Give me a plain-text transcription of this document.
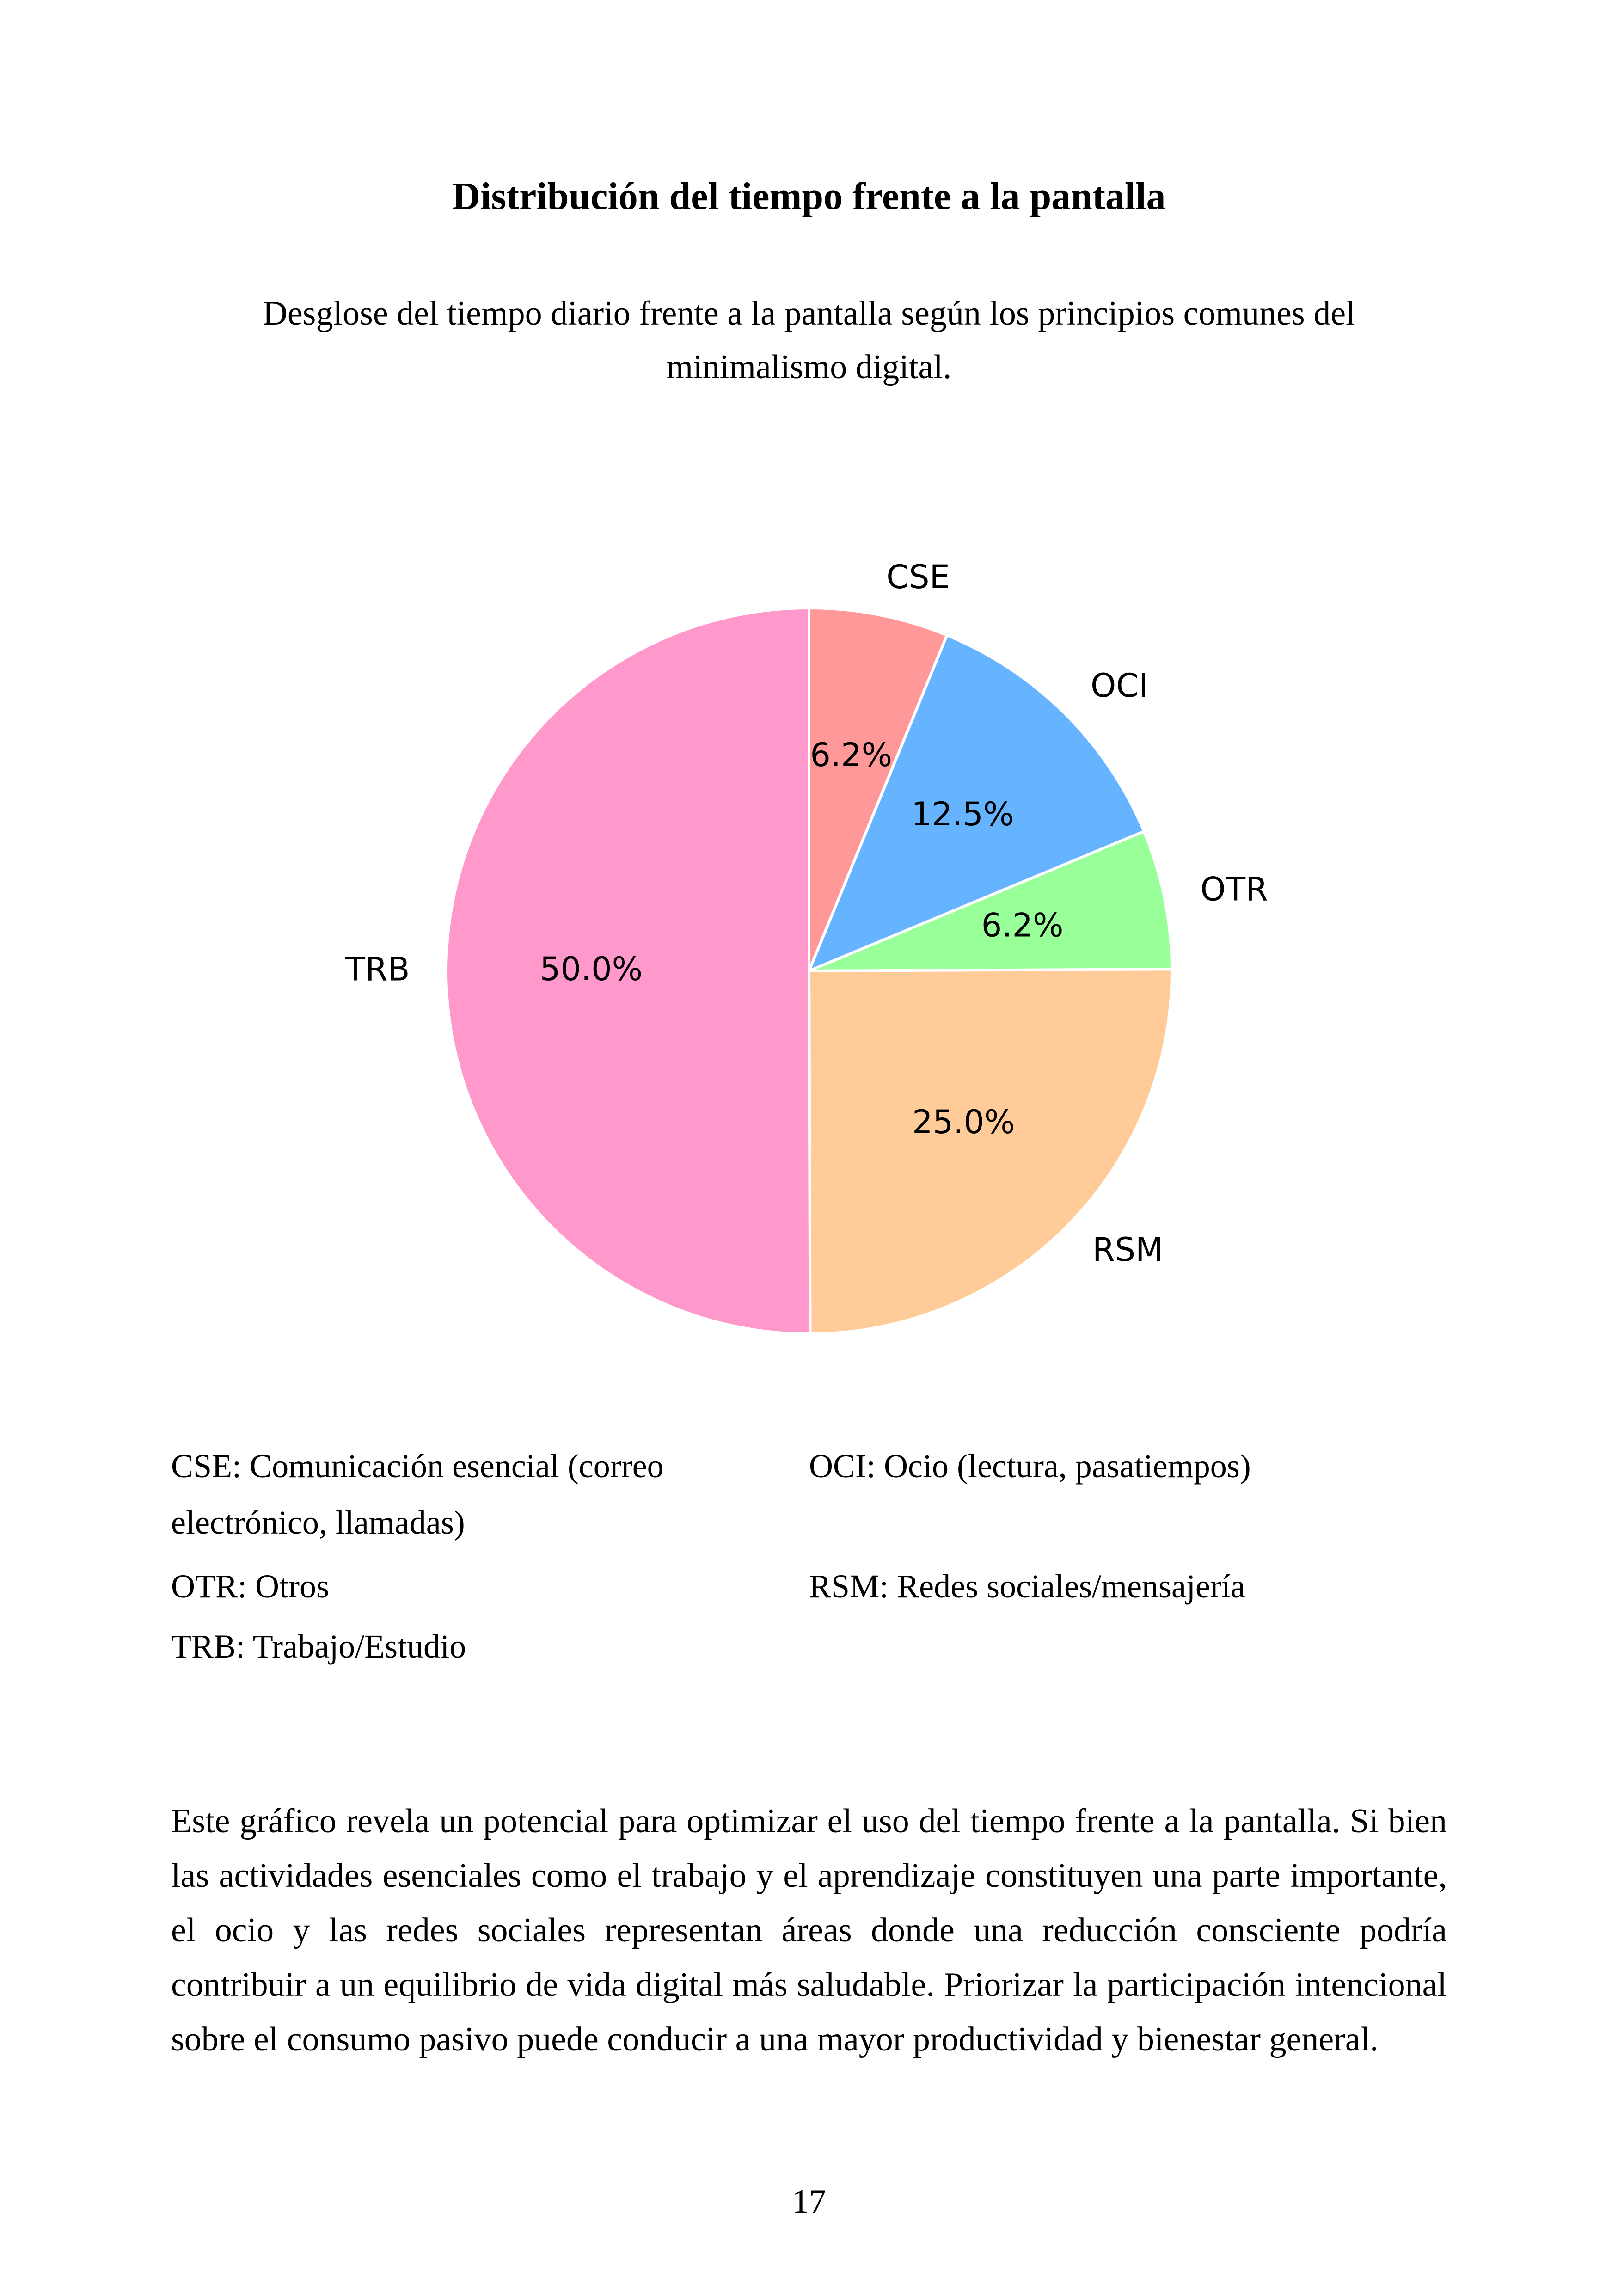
Distribución del tiempo frente a la pantalla
Desglose del tiempo diario frente a la pantalla según los principios comunes del minimalismo digital.
6.2%
CSE
12.5%
OCI
6.2%
OTR
25.0%
RSM
50.0%
TRB
CSE: Comunicación esencial (correo electrónico, llamadas)
OCI: Ocio (lectura, pasatiempos)
OTR: Otros	RSM: Redes sociales/mensajería
TRB: Trabajo/Estudio
Este gráfico revela un potencial para optimizar el uso del tiempo frente a la pantalla. Si bien las actividades esenciales como el trabajo y el aprendizaje constituyen una parte importante, el ocio y las redes sociales representan áreas donde una reducción consciente podría contribuir a un equilibrio de vida digital más saludable. Priorizar la participación intencional sobre el consumo pasivo puede conducir a una mayor productividad y bienestar general.
17
